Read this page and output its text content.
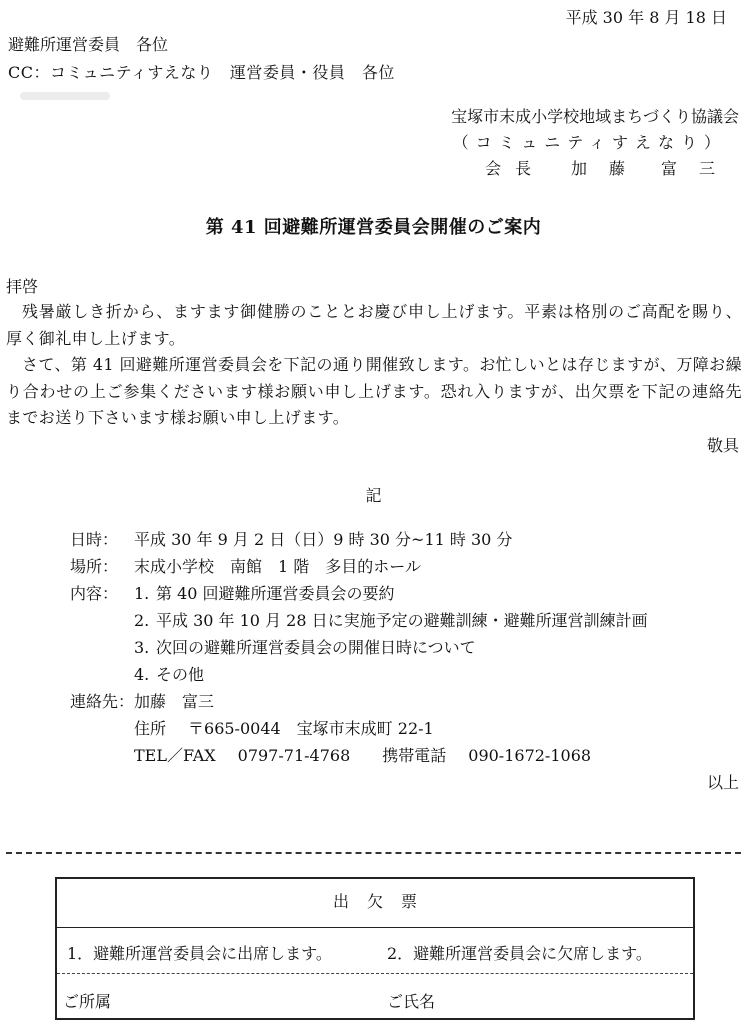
平成 30 年 8 月 18 日
避難所運営委員　各位
CC：コミュニティすえなり　運営委員・役員　各位
宝塚市末成小学校地域まちづくり協議会
（コミュニティすえなり）
会長 加藤 富三
第 41 回避難所運営委員会開催のご案内
拝啓

残暑厳しき折から、ますます御健勝のこととお慶び申し上げます。平素は格別のご高配を賜り、厚く御礼申し上げます。

さて、第 41 回避難所運営委員会を下記の通り開催致します。お忙しいとは存じますが、万障お繰り合わせの上ご参集くださいます様お願い申し上げます。恐れ入りますが、出欠票を下記の連絡先までお送り下さいます様お願い申し上げます。

敬具
記
日時： 平成 30 年 9 月 2 日（日）9 時 30 分~11 時 30 分
場所： 末成小学校　南館　1 階　多目的ホール
内容： 1. 第 40 回避難所運営委員会の要約
2. 平成 30 年 10 月 28 日に実施予定の避難訓練・避難所運営訓練計画
3. 次回の避難所運営委員会の開催日時について
4. その他
連絡先：加藤　富三
住所 〒665-0044　宝塚市末成町 22-1
TEL／FAX 0797-71-4768 携帯電話 090-1672-1068
以上
出欠票
1．避難所運営委員会に出席します。	2．避難所運営委員会に欠席します。
ご所属	ご氏名
